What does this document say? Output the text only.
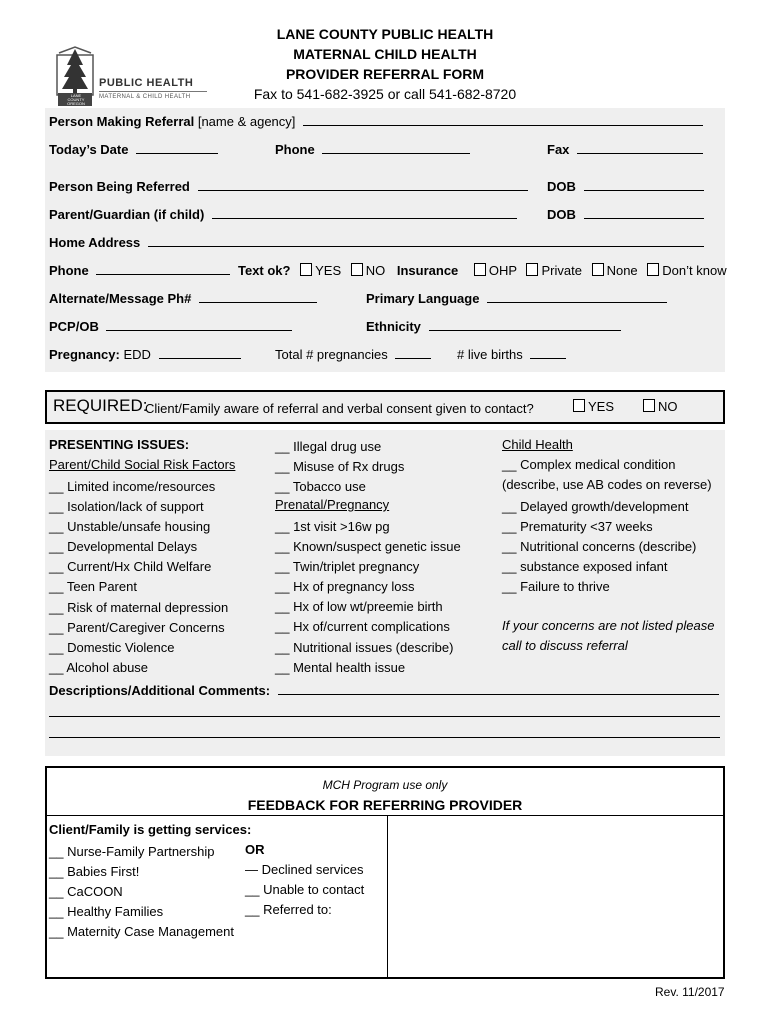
LANE
COUNTY
OREGON
PUBLIC HEALTH
MATERNAL & CHILD HEALTH
LANE COUNTY PUBLIC HEALTH
MATERNAL CHILD HEALTH
PROVIDER REFERRAL FORM
Fax to 541-682-3925 or call 541-682-8720
Person Making Referral [name & agency]
Today’s Date	Phone	Fax
Person Being Referred	DOB
Parent/Guardian (if child)	DOB
Home Address
Phone	Text ok? YES NO Insurance OHP Private None Don’t know
Alternate/Message Ph#	Primary Language
PCP/OB	Ethnicity
Pregnancy: EDD	Total # pregnancies	# live births
REQUIRED:
Client/Family aware of referral and verbal consent given to contact?	YES	NO
PRESENTING ISSUES:
Parent/Child Social Risk Factors
__ Limited income/resources
__ Isolation/lack of support
__ Unstable/unsafe housing
__ Developmental Delays
__ Current/Hx Child Welfare
__ Teen Parent
__ Risk of maternal depression
__ Parent/Caregiver Concerns
__ Domestic Violence
__ Alcohol abuse
__ Illegal drug use
__ Misuse of Rx drugs
__ Tobacco use
Prenatal/Pregnancy
__ 1st visit >16w pg
__ Known/suspect genetic issue
__ Twin/triplet pregnancy
__ Hx of pregnancy loss
__ Hx of low wt/preemie birth
__ Hx of/current complications
__ Nutritional issues (describe)
__ Mental health issue
Child Health
__ Complex medical condition
(describe, use AB codes on reverse)
__ Delayed growth/development
__ Prematurity <37 weeks
__ Nutritional concerns (describe)
__ substance exposed infant
__ Failure to thrive
If your concerns are not listed please
call to discuss referral
Descriptions/Additional Comments:
MCH Program use only
FEEDBACK FOR REFERRING PROVIDER
Client/Family is getting services:
__ Nurse-Family Partnership
__ Babies First!
__ CaCOON
__ Healthy Families
__ Maternity Case Management
OR
— Declined services
__ Unable to contact
__ Referred to:
Rev. 11/2017
